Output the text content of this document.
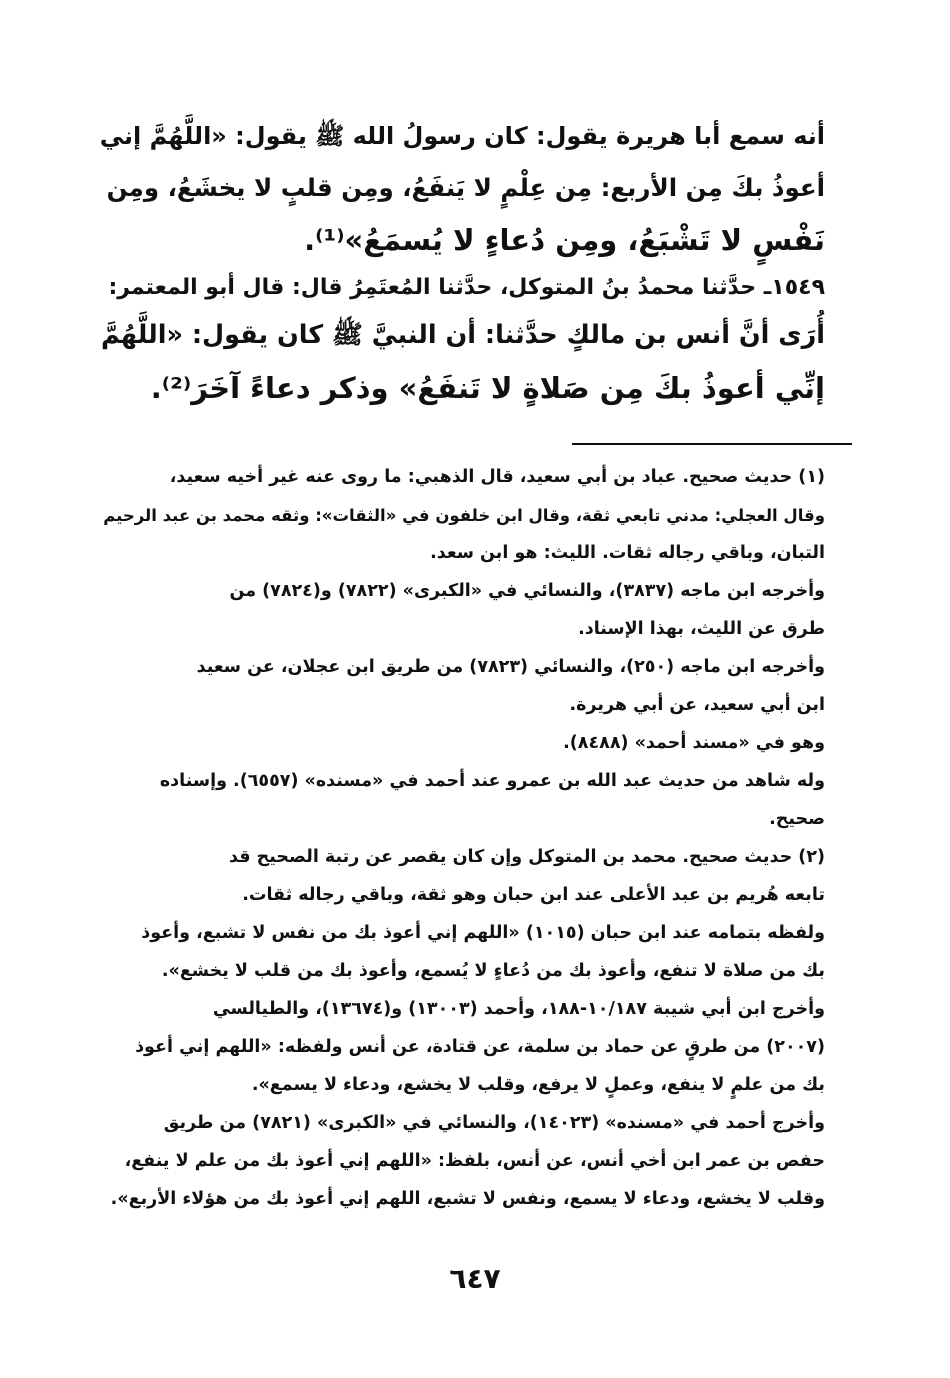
أنه سمع أبا هريرة يقول: كان رسولُ الله ﷺ يقول: «اللَّهُمَّ إني
أعوذُ بكَ مِن الأربع: مِن عِلْمٍ لا يَنفَعُ، ومِن قلبٍ لا يخشَعُ، ومِن
نَفْسٍ لا تَشْبَعُ، ومِن دُعاءٍ لا يُسمَعُ»⁽¹⁾.
١٥٤٩ـ حدَّثنا محمدُ بنُ المتوكل، حدَّثنا المُعتَمِرُ قال: قال أبو المعتمر:
أُرَى أنَّ أنس بن مالكٍ حدَّثنا: أن النبيَّ ﷺ كان يقول: «اللَّهُمَّ
إنِّي أعوذُ بكَ مِن صَلاةٍ لا تَنفَعُ» وذكر دعاءً آخَرَ⁽²⁾.
(١) حديث صحيح. عباد بن أبي سعيد، قال الذهبي: ما روى عنه غير أخيه سعيد،
وقال العجلي: مدني تابعي ثقة، وقال ابن خلفون في «الثقات»: وثقه محمد بن عبد الرحيم
التبان، وباقي رجاله ثقات. الليث: هو ابن سعد.
وأخرجه ابن ماجه (٣٨٣٧)، والنسائي في «الكبرى» (٧٨٢٢) و(٧٨٢٤) من
طرق عن الليث، بهذا الإسناد.
وأخرجه ابن ماجه (٢٥٠)، والنسائي (٧٨٢٣) من طريق ابن عجلان، عن سعيد
ابن أبي سعيد، عن أبي هريرة.
وهو في «مسند أحمد» (٨٤٨٨).
وله شاهد من حديث عبد الله بن عمرو عند أحمد في «مسنده» (٦٥٥٧). وإسناده
صحيح.
(٢) حديث صحيح. محمد بن المتوكل وإن كان يقصر عن رتبة الصحيح قد
تابعه هُريم بن عبد الأعلى عند ابن حبان وهو ثقة، وباقي رجاله ثقات.
ولفظه بتمامه عند ابن حبان (١٠١٥) «اللهم إني أعوذ بك من نفس لا تشبع، وأعوذ
بك من صلاة لا تنفع، وأعوذ بك من دُعاءٍ لا يُسمع، وأعوذ بك من قلب لا يخشع».
وأخرج ابن أبي شيبة ١٠/١٨٧-١٨٨، وأحمد (١٣٠٠٣) و(١٣٦٧٤)، والطيالسي
(٢٠٠٧) من طرقٍ عن حماد بن سلمة، عن قتادة، عن أنس ولفظه: «اللهم إني أعوذ
بك من علمٍ لا ينفع، وعملٍ لا يرفع، وقلب لا يخشع، ودعاء لا يسمع».
وأخرج أحمد في «مسنده» (١٤٠٢٣)، والنسائي في «الكبرى» (٧٨٢١) من طريق
حفص بن عمر ابن أخي أنس، عن أنس، بلفظ: «اللهم إني أعوذ بك من علم لا ينفع،
وقلب لا يخشع، ودعاء لا يسمع، ونفس لا تشبع، اللهم إني أعوذ بك من هؤلاء الأربع».
٦٤٧
